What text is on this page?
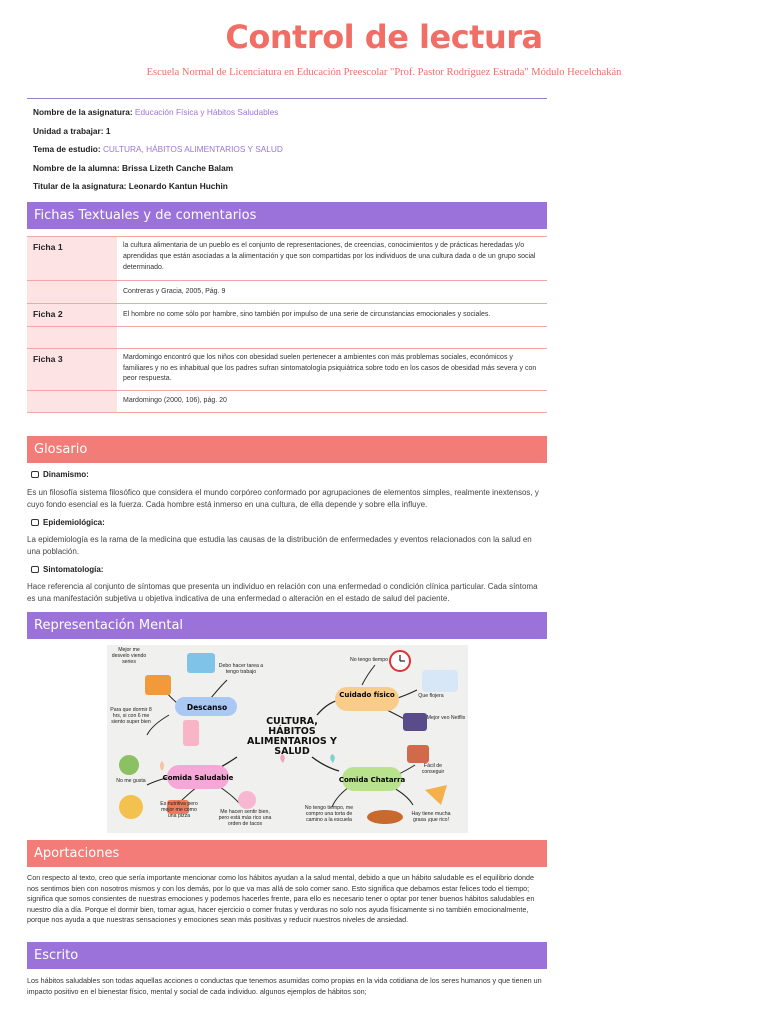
Control de lectura
Escuela Normal de Licenciatura en Educación Preescolar "Prof. Pastor Rodríguez Estrada" Módulo Hecelchakán
Nombre de la asignatura: Educación Física y Hábitos Saludables
Unidad a trabajar: 1
Tema de estudio: CULTURA, HÁBITOS ALIMENTARIOS Y SALUD
Nombre de la alumna: Brissa Lizeth Canche Balam
Titular de la asignatura: Leonardo Kantun Huchin
Fichas Textuales y de comentarios
Ficha 1	la cultura alimentaria de un pueblo es el conjunto de representaciones, de creencias, conocimientos y de prácticas heredadas y/o aprendidas que están asociadas a la alimentación y que son compartidas por los individuos de una cultura dada o de un grupo social determinado.
	Contreras y Gracia, 2005, Pág. 9
Ficha 2	El hombre no come sólo por hambre, sino también por impulso de una serie de circunstancias emocionales y sociales.

Ficha 3	Mardomingo encontró que los niños con obesidad suelen pertenecer a ambientes con más problemas sociales, económicos y familiares y no es inhabitual que los padres sufran sintomatología psiquiátrica sobre todo en los casos de obesidad más severa y con peor respuesta.
	Mardomingo (2000, 106), pág. 20
Glosario
Dinamismo:
Es un filosofía sistema filosófico que considera el mundo corpóreo conformado por agrupaciones de elementos simples, realmente inextensos, y cuyo fondo esencial es la fuerza. Cada hombre está inmerso en una cultura, de ella depende y sobre ella influye.
Epidemiológica:
La epidemiología es la rama de la medicina que estudia las causas de la distribución de enfermedades y eventos relacionados con la salud en una población.
Sintomatología:
Hace referencia al conjunto de síntomas que presenta un individuo en relación con una enfermedad o condición clínica particular. Cada síntoma es una manifestación subjetiva u objetiva indicativa de una enfermedad o alteración en el estado de salud del paciente.
Representación Mental
Descanso
Cuidado físico
Comida Saludable	Comida Chatarra
CULTURA, HÁBITOS ALIMENTARIOS Y SALUD
Mejor me desvelo viendo series
Debo hacer tarea a tengo trabajo
Para que dormir 8 hrs, si con 6 me siento super bien
No tengo tiempo
Que flojera
Mejor veo Netflix
No me gusta
Es nutritiva pero mejor me como una pizza
Me hacen sentir bien, pero está más rico una orden de tacos
No tengo tiempo, me compro una torta de camino a la escuela
Fácil de conseguir
Hay tiene mucha grasa ¡que rico!
Aportaciones
Con respecto al texto, creo que sería importante mencionar como los hábitos ayudan a la salud mental, debido a que un hábito saludable es el equilibrio donde nos sentimos bien con nosotros mismos y con los demás, por lo que va mas allá de solo comer sano. Esto significa que debamos estar felices todo el tiempo; significa que somos consientes de nuestras emociones y podemos hacerles frente, para ello es necesario tener o optar por tener buenos hábitos saludables en nuestro día a día. Porque el dormir bien, tomar agua, hacer ejercicio o comer frutas y verduras no solo nos ayuda físicamente si no también emocionalmente, porque nos ayuda a que nuestras sensaciones y emociones sean más positivas y reducir nuestros niveles de ansiedad.
Escrito
Los hábitos saludables son todas aquellas acciones o conductas que tenemos asumidas como propias en la vida cotidiana de los seres humanos y que tienen un impacto positivo en el bienestar físico, mental y social de cada individuo. algunos ejemplos de hábitos son;
